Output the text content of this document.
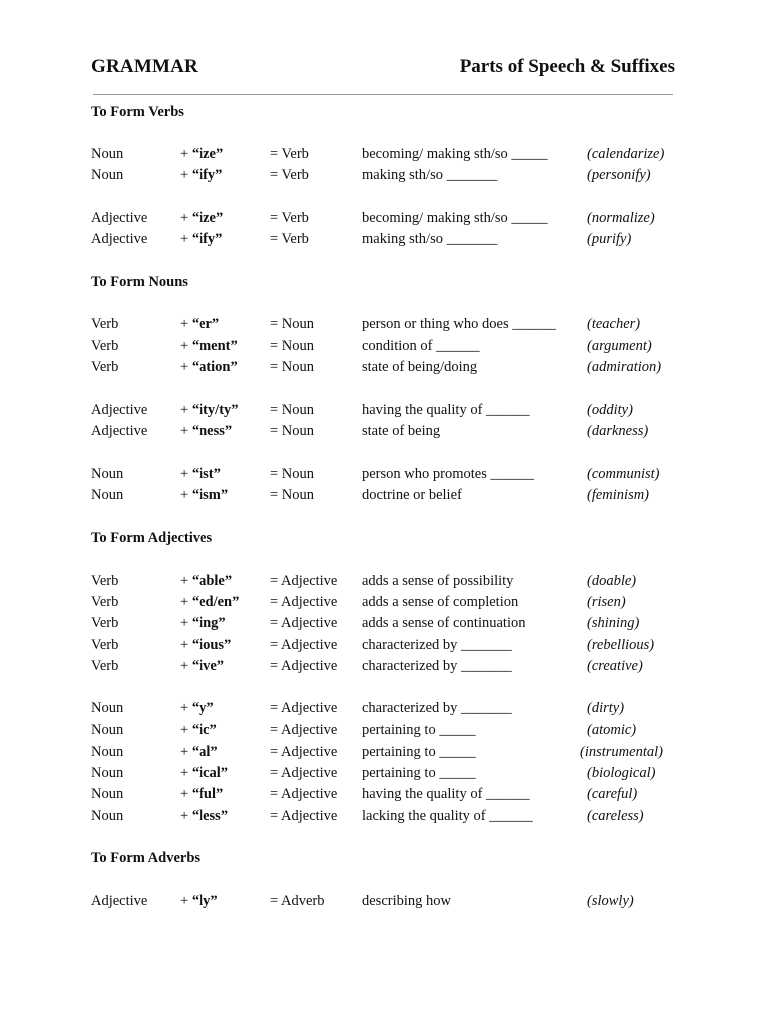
GRAMMAR	Parts of Speech & Suffixes
To Form Verbs
Noun	+ “ize”	= Verb	becoming/ making sth/so _____	(calendarize)
Noun	+ “ify”	= Verb	making sth/so _______	(personify)
Adjective + “ize”	= Verb	becoming/ making sth/so _____	(normalize)
Adjective + “ify”	= Verb	making sth/so _______	(purify)
To Form Nouns
Verb	+ “er”	= Noun	person or thing who does ______ (teacher)
Verb	+ “ment” = Noun	condition of ______	(argument)
Verb	+ “ation” = Noun	state of being/doing	(admiration)
Adjective + “ity/ty” = Noun	having the quality of ______	(oddity)
Adjective + “ness”	= Noun	state of being	(darkness)
Noun	+ “ist”	= Noun	person who promotes ______	(communist)
Noun	+ “ism”	= Noun	doctrine or belief	(feminism)
To Form Adjectives
Verb	+ “able”	= Adjective adds a sense of possibility	(doable)
Verb	+ “ed/en” = Adjective adds a sense of completion	(risen)
Verb	+ “ing”	= Adjective adds a sense of continuation	(shining)
Verb	+ “ious”	= Adjective characterized by _______	(rebellious)
Verb	+ “ive”	= Adjective characterized by _______	(creative)
Noun	+ “y”	= Adjective characterized by _______	(dirty)
Noun	+ “ic”	= Adjective pertaining to _____	(atomic)
Noun	+ “al”	= Adjective pertaining to _____	(instrumental)
Noun	+ “ical”	= Adjective pertaining to _____	(biological)
Noun	+ “ful”	= Adjective having the quality of ______	(careful)
Noun	+ “less”	= Adjective lacking the quality of ______	(careless)
To Form Adverbs
Adjective + “ly”	= Adverb	describing how	(slowly)
